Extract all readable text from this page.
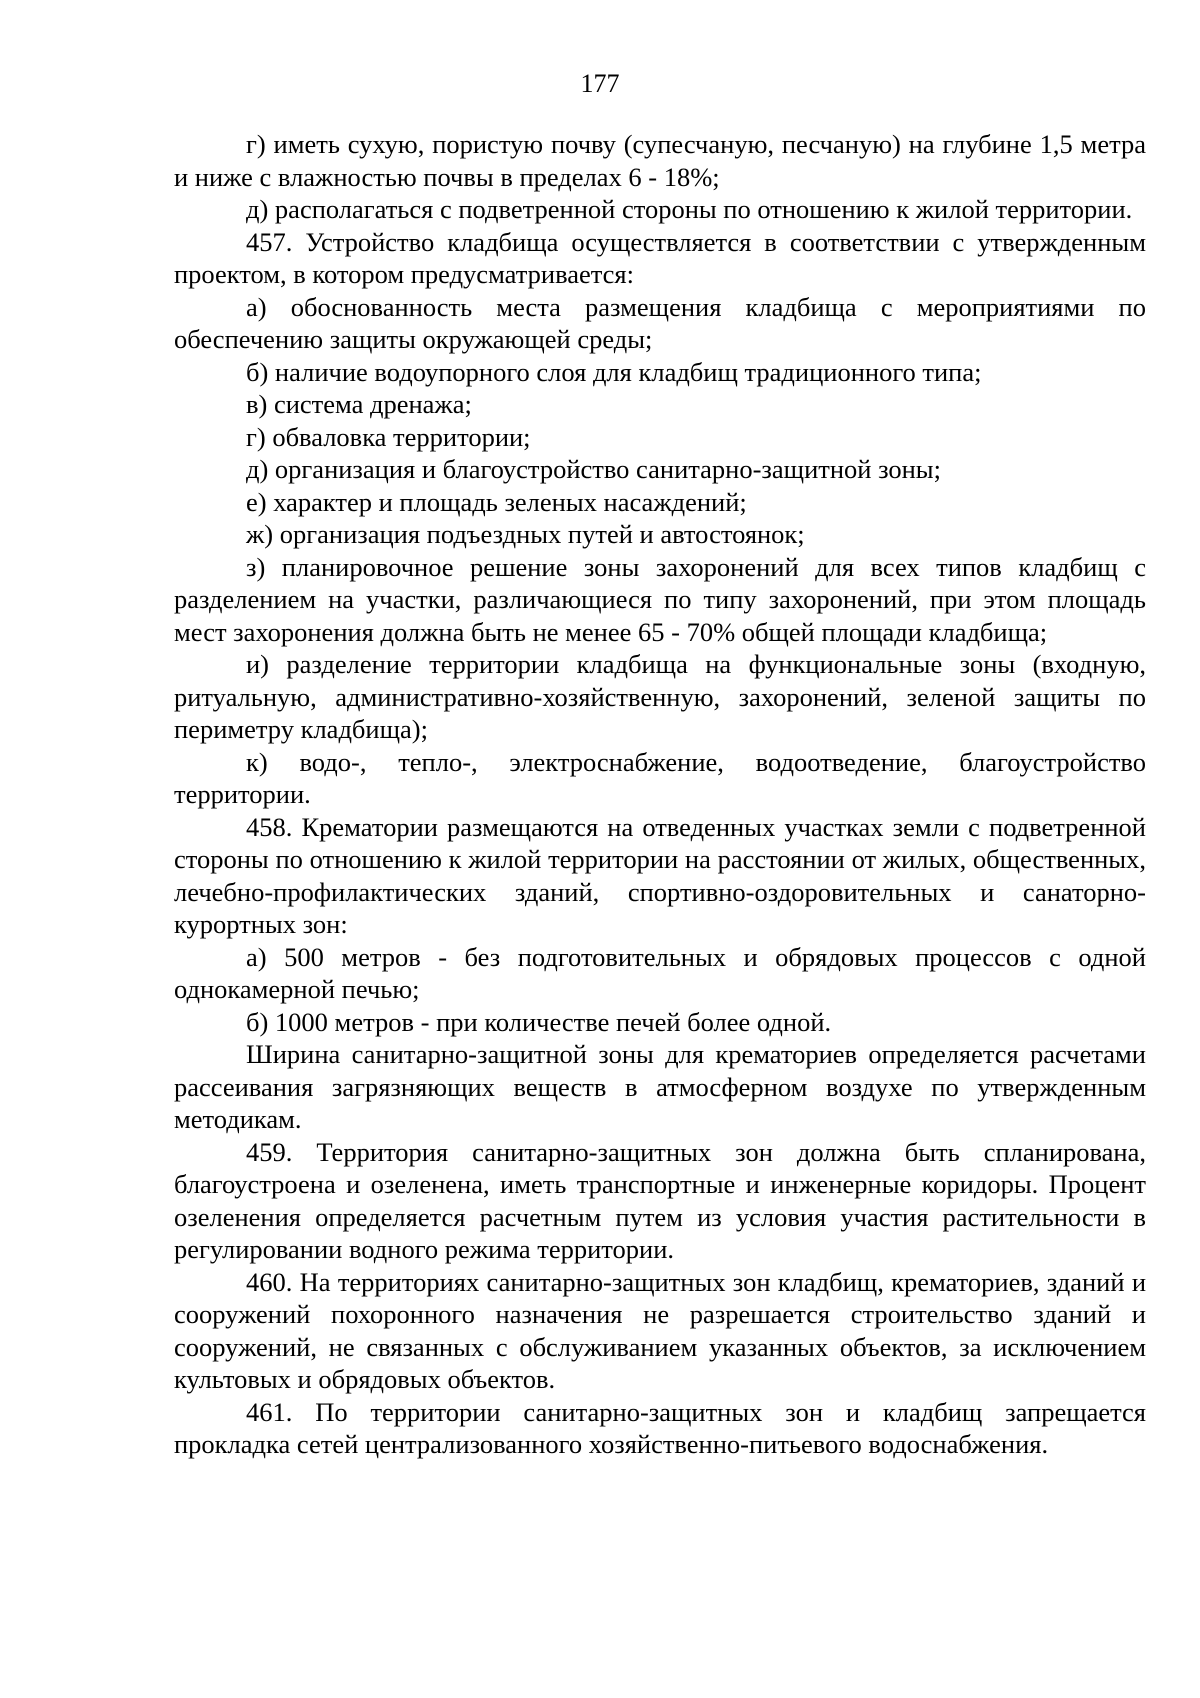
177

г) иметь сухую, пористую почву (супесчаную, песчаную) на глубине 1,5 метра и ниже с влажностью почвы в пределах 6 - 18%;

д) располагаться с подветренной стороны по отношению к жилой территории.

457. Устройство кладбища осуществляется в соответствии с утвержденным проектом, в котором предусматривается:

а) обоснованность места размещения кладбища с мероприятиями по обеспечению защиты окружающей среды;

б) наличие водоупорного слоя для кладбищ традиционного типа;

в) система дренажа;

г) обваловка территории;

д) организация и благоустройство санитарно-защитной зоны;

е) характер и площадь зеленых насаждений;

ж) организация подъездных путей и автостоянок;

з) планировочное решение зоны захоронений для всех типов кладбищ с разделением на участки, различающиеся по типу захоронений, при этом площадь мест захоронения должна быть не менее 65 - 70% общей площади кладбища;

и) разделение территории кладбища на функциональные зоны (входную, ритуальную, административно-хозяйственную, захоронений, зеленой защиты по периметру кладбища);

к) водо-, тепло-, электроснабжение, водоотведение, благоустройство территории.

458. Крематории размещаются на отведенных участках земли с подветренной стороны по отношению к жилой территории на расстоянии от жилых, общественных, лечебно-профилактических зданий, спортивно-оздоровительных и санаторно-курортных зон:

а) 500 метров - без подготовительных и обрядовых процессов с одной однокамерной печью;

б) 1000 метров - при количестве печей более одной.

Ширина санитарно-защитной зоны для крематориев определяется расчетами рассеивания загрязняющих веществ в атмосферном воздухе по утвержденным методикам.

459. Территория санитарно-защитных зон должна быть спланирована, благоустроена и озеленена, иметь транспортные и инженерные коридоры. Процент озеленения определяется расчетным путем из условия участия растительности в регулировании водного режима территории.

460. На территориях санитарно-защитных зон кладбищ, крематориев, зданий и сооружений похоронного назначения не разрешается строительство зданий и сооружений, не связанных с обслуживанием указанных объектов, за исключением культовых и обрядовых объектов.

461. По территории санитарно-защитных зон и кладбищ запрещается прокладка сетей централизованного хозяйственно-питьевого водоснабжения.
